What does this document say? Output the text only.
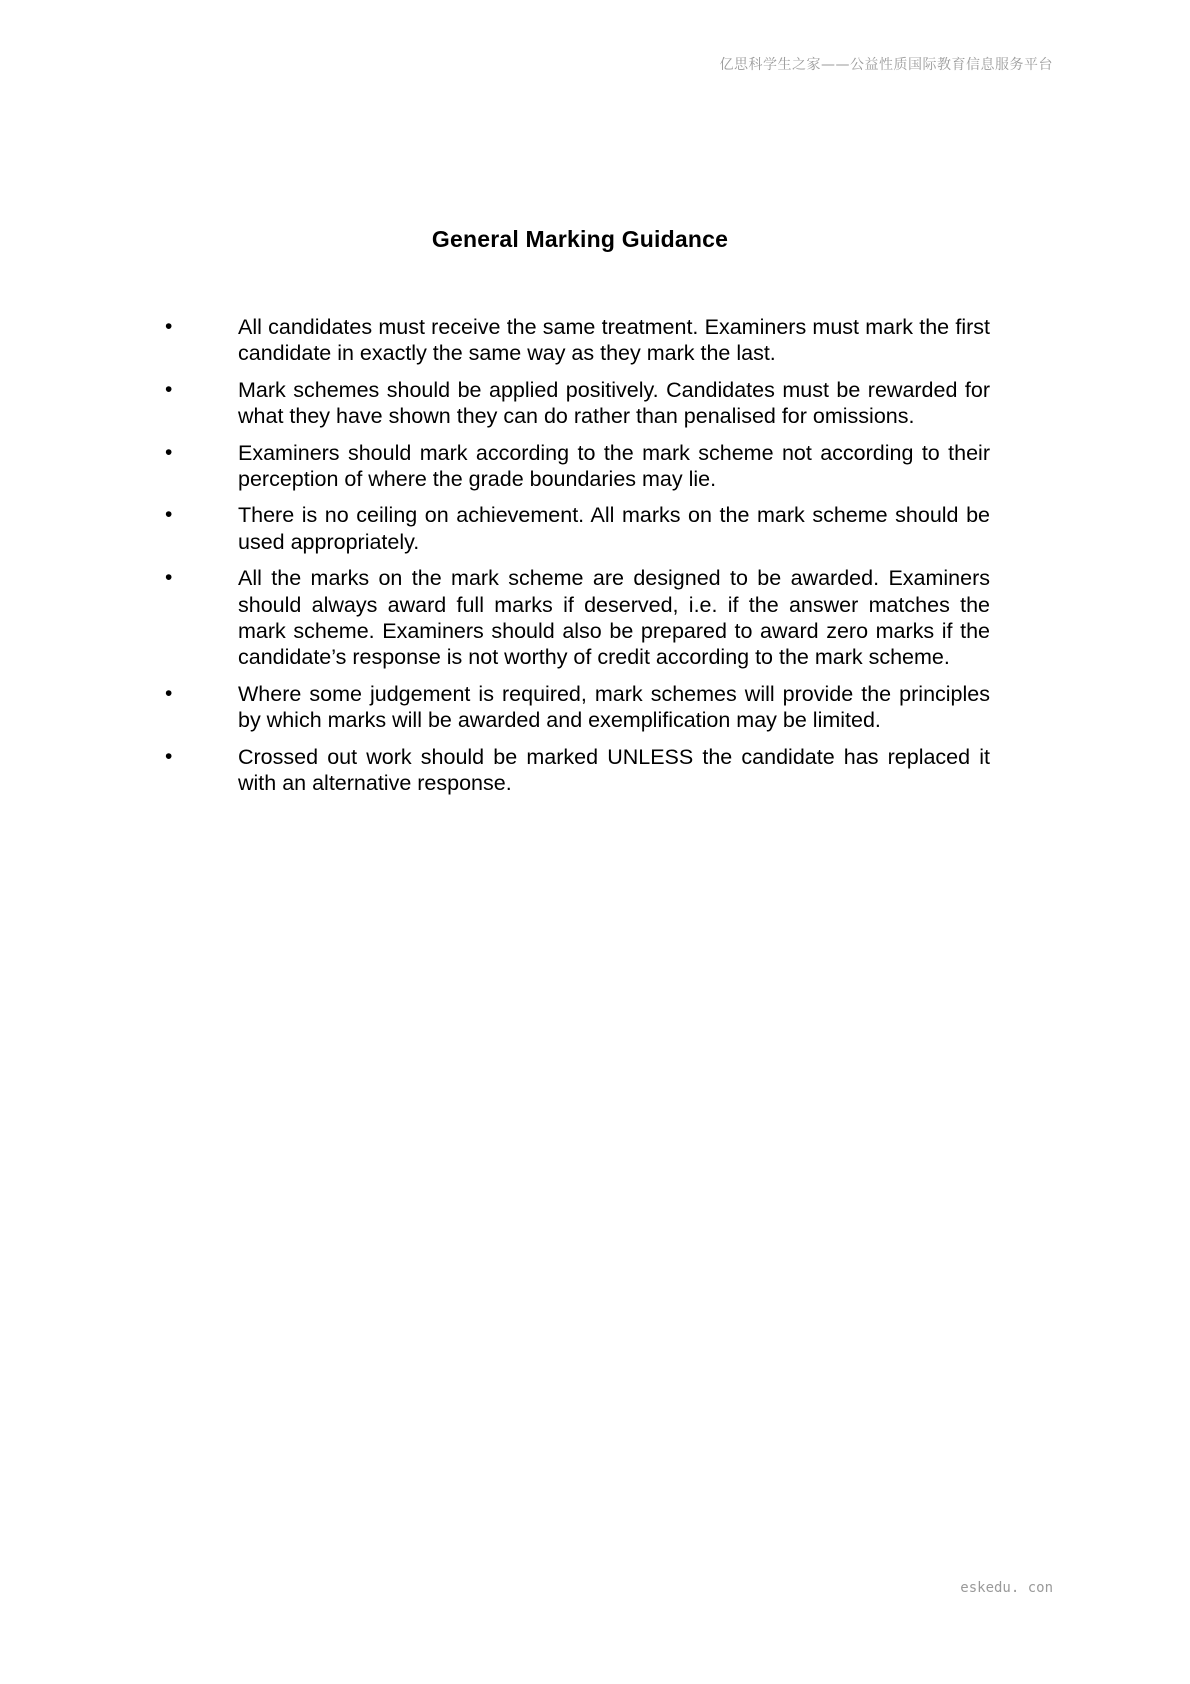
亿思科学生之家——公益性质国际教育信息服务平台
General Marking Guidance
•	All candidates must receive the same treatment. Examiners must mark the first candidate in exactly the same way as they mark the last.
•	Mark schemes should be applied positively. Candidates must be rewarded for what they have shown they can do rather than penalised for omissions.
•	Examiners should mark according to the mark scheme not according to their perception of where the grade boundaries may lie.
•	There is no ceiling on achievement. All marks on the mark scheme should be used appropriately.
•	All the marks on the mark scheme are designed to be awarded. Examiners should always award full marks if deserved, i.e. if the answer matches the mark scheme. Examiners should also be prepared to award zero marks if the candidate’s response is not worthy of credit according to the mark scheme.
•	Where some judgement is required, mark schemes will provide the principles by which marks will be awarded and exemplification may be limited.
•	Crossed out work should be marked UNLESS the candidate has replaced it with an alternative response.
eskedu. con
